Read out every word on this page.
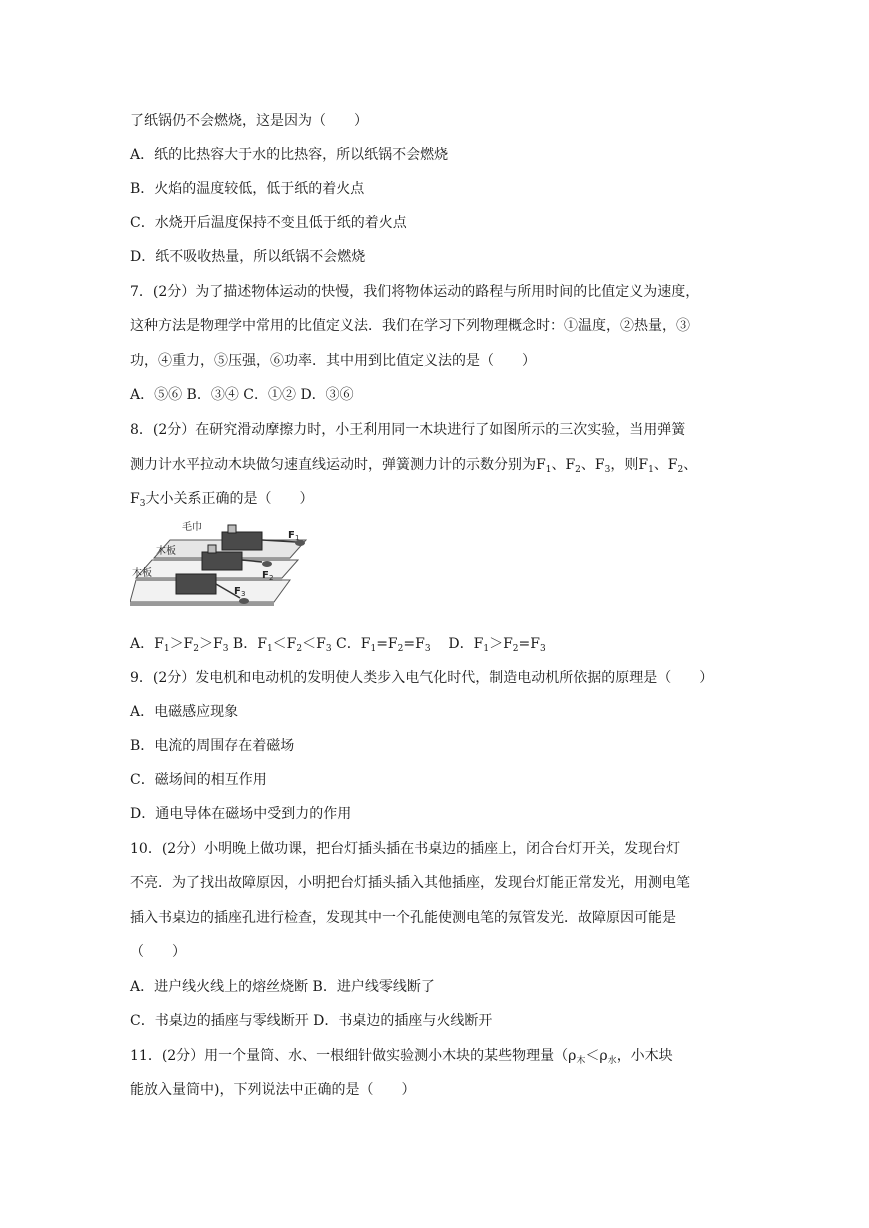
了纸锅仍不会燃烧，这是因为（　　）
A．纸的比热容大于水的比热容，所以纸锅不会燃烧
B．火焰的温度较低，低于纸的着火点
C．水烧开后温度保持不变且低于纸的着火点
D．纸不吸收热量，所以纸锅不会燃烧
7．(2分）为了描述物体运动的快慢，我们将物体运动的路程与所用时间的比值定义为速度，
这种方法是物理学中常用的比值定义法．我们在学习下列物理概念时：①温度，②热量，③
功，④重力，⑤压强，⑥功率．其中用到比值定义法的是（　　）
A．⑤⑥ B．③④ C．①② D．③⑥
8．(2分）在研究滑动摩擦力时，小王利用同一木块进行了如图所示的三次实验，当用弹簧
测力计水平拉动木块做匀速直线运动时，弹簧测力计的示数分别为$F_1$、$F_2$、$F_3$，则$F_1$、$F_2$、
$F_3$大小关系正确的是（　　）
毛巾
木板
木板
F 1
F 2
F 3
A．$F_1>F_2>F_3$ B．$F_1<F_2<F_3$ C．$F_1=F_2=F_3$ D．$F_1>F_2=F_3$
9．(2分）发电机和电动机的发明使人类步入电气化时代，制造电动机所依据的原理是（　　）
A．电磁感应现象
B．电流的周围存在着磁场
C．磁场间的相互作用
D．通电导体在磁场中受到力的作用
10．(2分）小明晚上做功课，把台灯插头插在书桌边的插座上，闭合台灯开关，发现台灯
不亮．为了找出故障原因，小明把台灯插头插入其他插座，发现台灯能正常发光，用测电笔
插入书桌边的插座孔进行检查，发现其中一个孔能使测电笔的氖管发光．故障原因可能是
（　　）
A．进户线火线上的熔丝烧断 B．进户线零线断了
C．书桌边的插座与零线断开 D．书桌边的插座与火线断开
11．(2分）用一个量筒、水、一根细针做实验测小木块的某些物理量（$\rho_木<\rho_水$，小木块
能放入量筒中)，下列说法中正确的是（　　）
